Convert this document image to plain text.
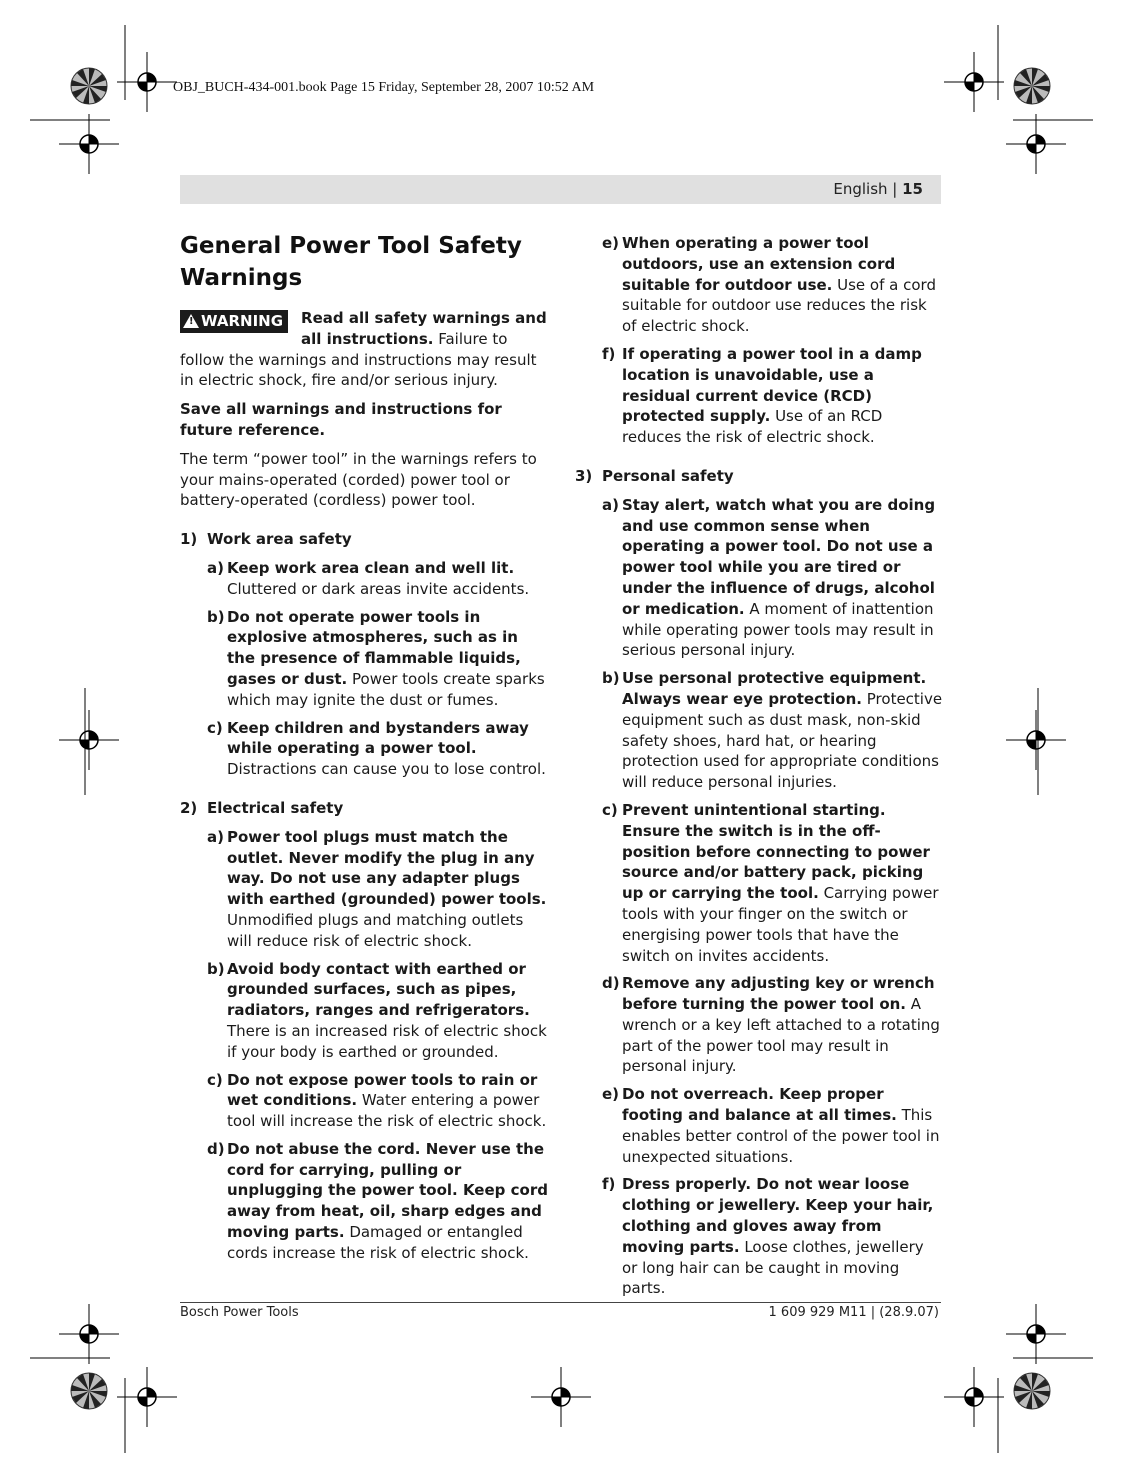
OBJ_BUCH-434-001.book Page 15 Friday, September 28, 2007 10:52 AM
English | 15
General Power Tool Safety Warnings
!WARNING	Read all safety warnings and all instructions. Failure to follow the warnings and instructions may result in electric shock, fire and/or serious injury.

Save all warnings and instructions for future reference.

The term “power tool” in the warnings refers to your mains-operated (corded) power tool or battery-operated (cordless) power tool.

1) Work area safety
a) Keep work area clean and well lit. Cluttered or dark areas invite accidents.
b) Do not operate power tools in explosive atmospheres, such as in the presence of flammable liquids, gases or dust. Power tools create sparks which may ignite the dust or fumes.
c) Keep children and bystanders away while operating a power tool. Distractions can cause you to lose control.
2) Electrical safety
a) Power tool plugs must match the outlet. Never modify the plug in any way. Do not use any adapter plugs with earthed (grounded) power tools. Unmodified plugs and matching outlets will reduce risk of electric shock.
b) Avoid body contact with earthed or grounded surfaces, such as pipes, radiators, ranges and refrigerators. There is an increased risk of electric shock if your body is earthed or grounded.
c) Do not expose power tools to rain or wet conditions. Water entering a power tool will increase the risk of electric shock.
d) Do not abuse the cord. Never use the cord for carrying, pulling or unplugging the power tool. Keep cord away from heat, oil, sharp edges and moving parts. Damaged or entangled cords increase the risk of electric shock.
e) When operating a power tool outdoors, use an extension cord suitable for outdoor use. Use of a cord suitable for outdoor use reduces the risk of electric shock.
f) If operating a power tool in a damp location is unavoidable, use a residual current device (RCD) protected supply. Use of an RCD reduces the risk of electric shock.
3) Personal safety
a) Stay alert, watch what you are doing and use common sense when operating a power tool. Do not use a power tool while you are tired or under the influence of drugs, alcohol or medication. A moment of inattention while operating power tools may result in serious personal injury.
b) Use personal protective equipment. Always wear eye protection. Protective equipment such as dust mask, non-skid safety shoes, hard hat, or hearing protection used for appropriate conditions will reduce personal injuries.
c) Prevent unintentional starting. Ensure the switch is in the off-position before connecting to power source and/or battery pack, picking up or carrying the tool. Carrying power tools with your finger on the switch or energising power tools that have the switch on invites accidents.
d) Remove any adjusting key or wrench before turning the power tool on. A wrench or a key left attached to a rotating part of the power tool may result in personal injury.
e) Do not overreach. Keep proper footing and balance at all times. This enables better control of the power tool in unexpected situations.
f) Dress properly. Do not wear loose clothing or jewellery. Keep your hair, clothing and gloves away from moving parts. Loose clothes, jewellery or long hair can be caught in moving parts.
Bosch Power Tools	1 609 929 M11 | (28.9.07)
